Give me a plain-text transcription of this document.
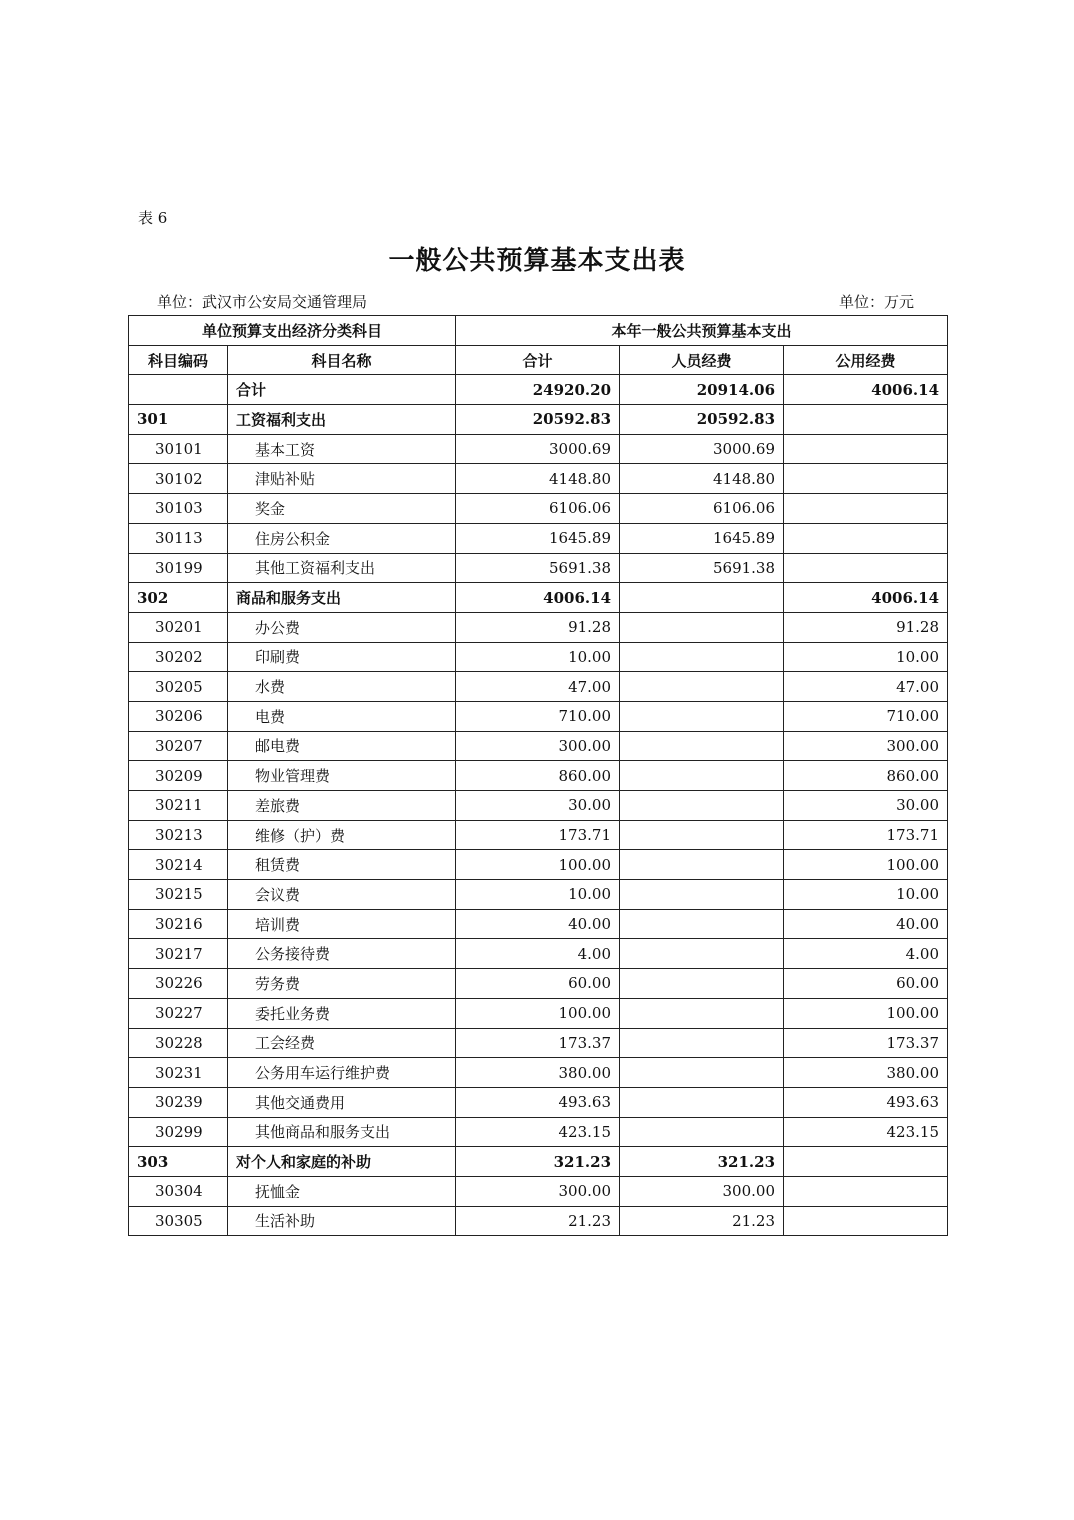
表 6
一般公共预算基本支出表
单位：武汉市公安局交通管理局	单位：万元
单位预算支出经济分类科目		本年一般公共预算基本支出		
科目编码	科目名称	合计	人员经费	公用经费
	合计	24920.20	20914.06	4006.14
301	工资福利支出	20592.83	20592.83	
30101	基本工资	3000.69	3000.69	
30102	津贴补贴	4148.80	4148.80	
30103	奖金	6106.06	6106.06	
30113	住房公积金	1645.89	1645.89	
30199	其他工资福利支出	5691.38	5691.38	
302	商品和服务支出	4006.14		4006.14
30201	办公费	91.28		91.28
30202	印刷费	10.00		10.00
30205	水费	47.00		47.00
30206	电费	710.00		710.00
30207	邮电费	300.00		300.00
30209	物业管理费	860.00		860.00
30211	差旅费	30.00		30.00
30213	维修（护）费	173.71		173.71
30214	租赁费	100.00		100.00
30215	会议费	10.00		10.00
30216	培训费	40.00		40.00
30217	公务接待费	4.00		4.00
30226	劳务费	60.00		60.00
30227	委托业务费	100.00		100.00
30228	工会经费	173.37		173.37
30231	公务用车运行维护费	380.00		380.00
30239	其他交通费用	493.63		493.63
30299	其他商品和服务支出	423.15		423.15
303	对个人和家庭的补助	321.23	321.23	
30304	抚恤金	300.00	300.00	
30305	生活补助	21.23	21.23	
